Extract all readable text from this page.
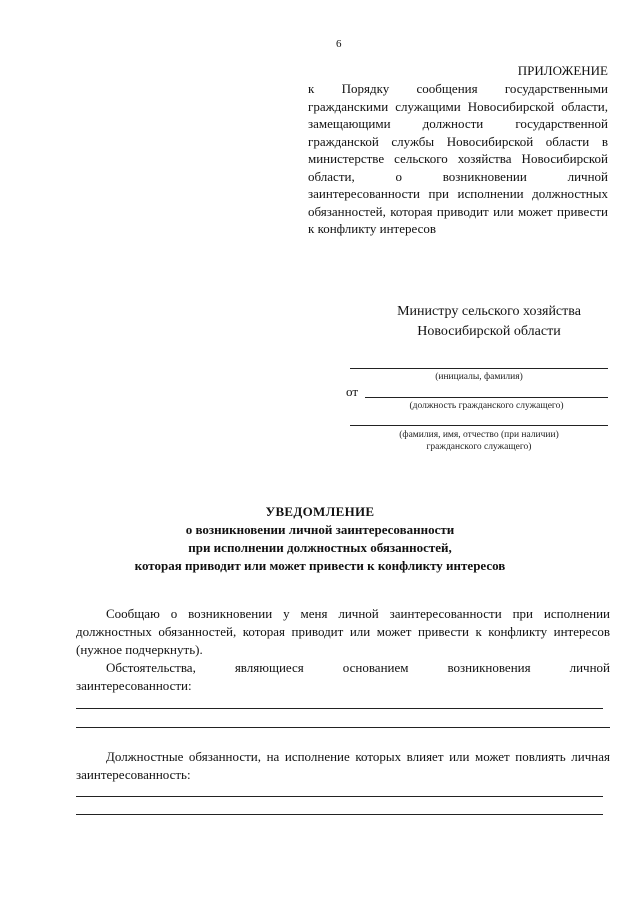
6
ПРИЛОЖЕНИЕ
к Порядку сообщения государственными гражданскими служащими Новосибирской области, замещающими должности государственной гражданской службы Новосибирской области в министерстве сельского хозяйства Новосибирской области, о возникновении личной заинтересованности при исполнении должностных обязанностей, которая приводит или может привести к конфликту интересов
Министру сельского хозяйства
Новосибирской области
(инициалы, фамилия)
от
(должность гражданского служащего)
(фамилия, имя, отчество (при наличии)
гражданского служащего)
УВЕДОМЛЕНИЕ
о возникновении личной заинтересованности
при исполнении должностных обязанностей,
которая приводит или может привести к конфликту интересов

Сообщаю о возникновении у меня личной заинтересованности при исполнении должностных обязанностей, которая приводит или может привести к конфликту интересов (нужное подчеркнуть).

Обстоятельства, являющиеся основанием возникновения личной

заинтересованности:

Должностные обязанности, на исполнение которых влияет или может повлиять личная заинтересованность:
